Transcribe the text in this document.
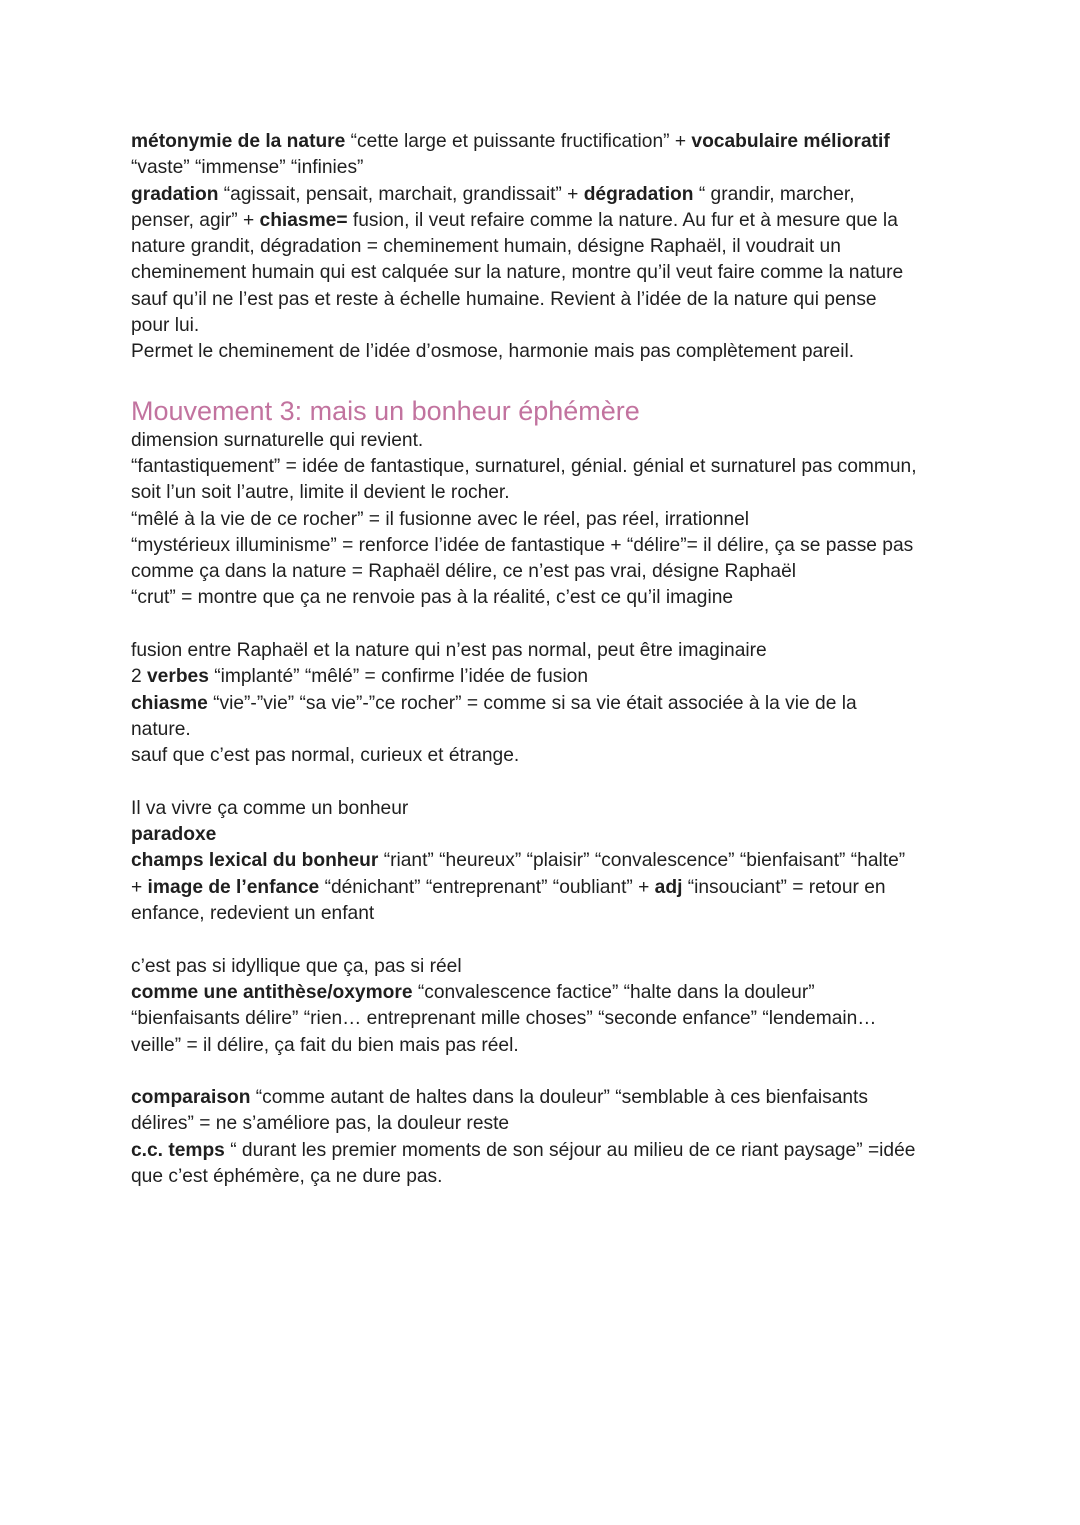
métonymie de la nature “cette large et puissante fructification” + vocabulaire mélioratif

“vaste” “immense” “infinies”

gradation “agissait, pensait, marchait, grandissait” + dégradation “ grandir, marcher,

penser, agir” + chiasme= fusion, il veut refaire comme la nature. Au fur et à mesure que la

nature grandit, dégradation = cheminement humain, désigne Raphaël, il voudrait un

cheminement humain qui est calquée sur la nature, montre qu’il veut faire comme la nature

sauf qu’il ne l’est pas et reste à échelle humaine. Revient à l’idée de la nature qui pense

pour lui.

Permet le cheminement de l’idée d’osmose, harmonie mais pas complètement pareil.

Mouvement 3: mais un bonheur éphémère

dimension surnaturelle qui revient.

“fantastiquement” = idée de fantastique, surnaturel, génial. génial et surnaturel pas commun,

soit l’un soit l’autre, limite il devient le rocher.

“mêlé à la vie de ce rocher” = il fusionne avec le réel, pas réel, irrationnel

“mystérieux illuminisme” = renforce l’idée de fantastique + “délire”= il délire, ça se passe pas

comme ça dans la nature = Raphaël délire, ce n’est pas vrai, désigne Raphaël

“crut” = montre que ça ne renvoie pas à la réalité, c’est ce qu’il imagine

fusion entre Raphaël et la nature qui n’est pas normal, peut être imaginaire

2 verbes “implanté” “mêlé” = confirme l’idée de fusion

chiasme “vie”-”vie” “sa vie”-”ce rocher” = comme si sa vie était associée à la vie de la

nature.

sauf que c’est pas normal, curieux et étrange.

Il va vivre ça comme un bonheur

paradoxe

champs lexical du bonheur “riant” “heureux” “plaisir” “convalescence” “bienfaisant” “halte”

+ image de l’enfance “dénichant” “entreprenant” “oubliant” + adj “insouciant” = retour en

enfance, redevient un enfant

c’est pas si idyllique que ça, pas si réel

comme une antithèse/oxymore “convalescence factice” “halte dans la douleur”

“bienfaisants délire” “rien… entreprenant mille choses” “seconde enfance” “lendemain…

veille” = il délire, ça fait du bien mais pas réel.

comparaison “comme autant de haltes dans la douleur” “semblable à ces bienfaisants

délires” = ne s’améliore pas, la douleur reste

c.c. temps “ durant les premier moments de son séjour au milieu de ce riant paysage” =idée

que c’est éphémère, ça ne dure pas.
